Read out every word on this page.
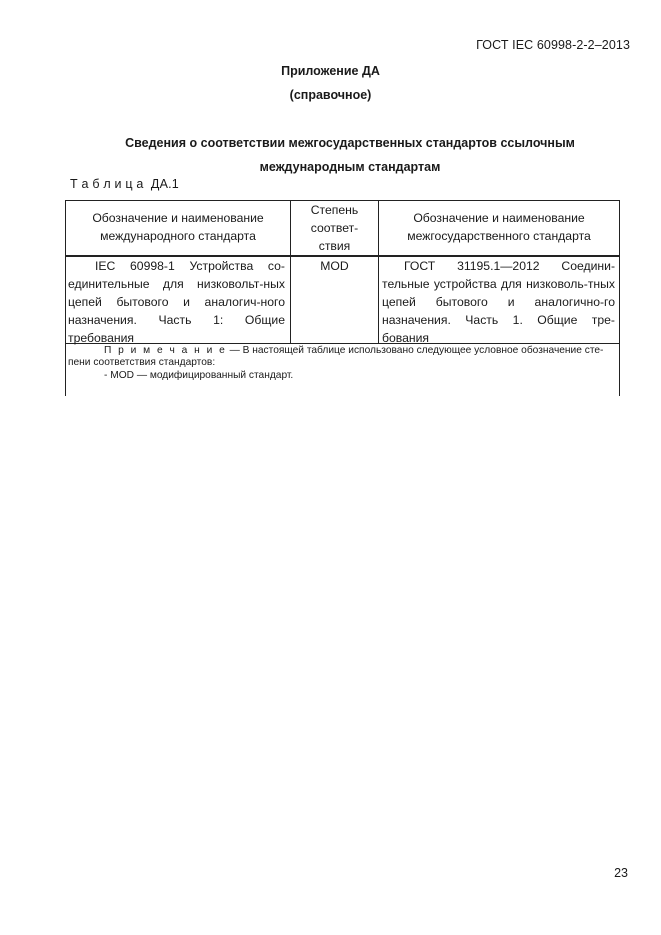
ГОСТ IEC 60998-2-2–2013
Приложение ДА
(справочное)
Сведения о соответствии межгосударственных стандартов ссылочным
международным стандартам
Т а б л и ц а  ДА.1
Обозначение и наименование
международного стандарта
Степень
соответ-
ствия
Обозначение и наименование
межгосударственного стандарта
IEC 60998-1 Устройства со-единительные для низковольт-ных цепей бытового и аналогич-ного назначения. Часть 1: Общие требования
MOD	ГОСТ 31195.1—2012 Соедини-тельные устройства для низковоль-тных цепей бытового и аналогично-го назначения. Часть 1. Общие тре-бования
П р и м е ч а н и е — В настоящей таблице использовано следующее условное обозначение сте-
пени соответствия стандартов:
- MOD — модифицированный стандарт.
23
